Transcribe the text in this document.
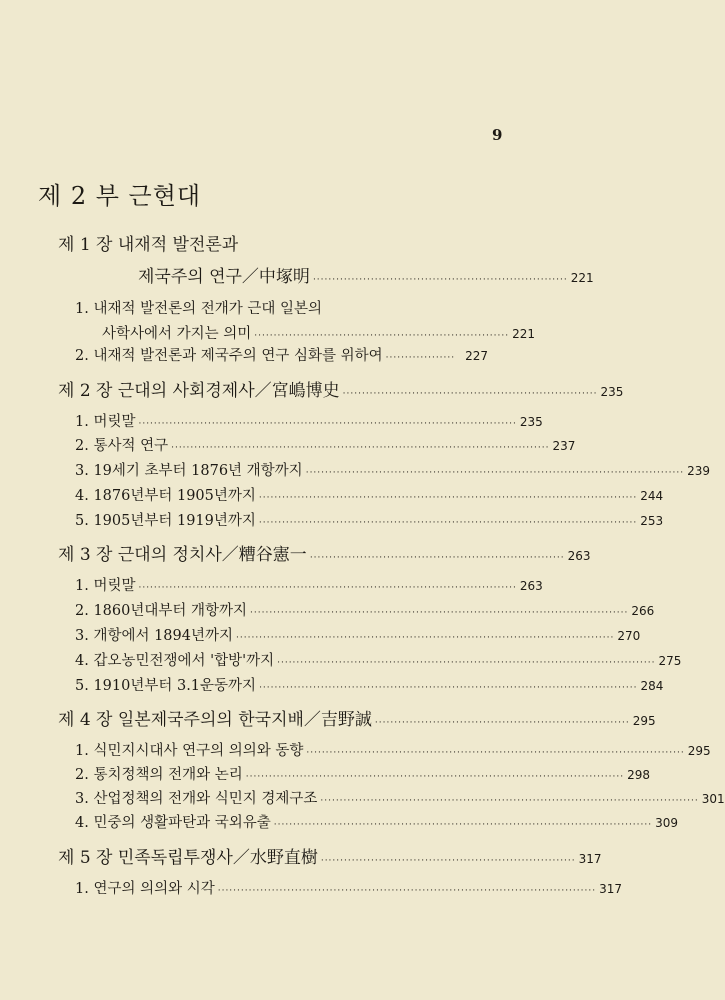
9
제 2 부 근현대
제 1 장 내재적 발전론과
제국주의 연구／中塚明 ·································································· 221
1. 내재적 발전론의 전개가 근대 일본의
사학사에서 가지는 의미 ·································································· 221
2. 내재적 발전론과 제국주의 연구 심화를 위하여 ·················· 227
제 2 장 근대의 사회경제사／宮嶋博史 ·································································· 235
1. 머릿말 ·································································································· 235
2. 통사적 연구 ·································································································· 237
3. 19세기 초부터 1876년 개항까지 ·································································································· 239
4. 1876년부터 1905년까지 ·································································································· 244
5. 1905년부터 1919년까지 ·································································································· 253
제 3 장 근대의 정치사／糟谷憲一 ·································································· 263
1. 머릿말 ·································································································· 263
2. 1860년대부터 개항까지 ·································································································· 266
3. 개항에서 1894년까지 ·································································································· 270
4. 갑오농민전쟁에서 '합방'까지 ·································································································· 275
5. 1910년부터 3.1운동까지 ·································································································· 284
제 4 장 일본제국주의의 한국지배／吉野誠 ·································································· 295
1. 식민지시대사 연구의 의의와 동향 ·································································································· 295
2. 통치정책의 전개와 논리 ·································································································· 298
3. 산업정책의 전개와 식민지 경제구조 ·································································································· 301
4. 민중의 생활파탄과 국외유출 ·································································································· 309
제 5 장 민족독립투쟁사／水野直樹 ·································································· 317
1. 연구의 의의와 시각 ·································································································· 317
